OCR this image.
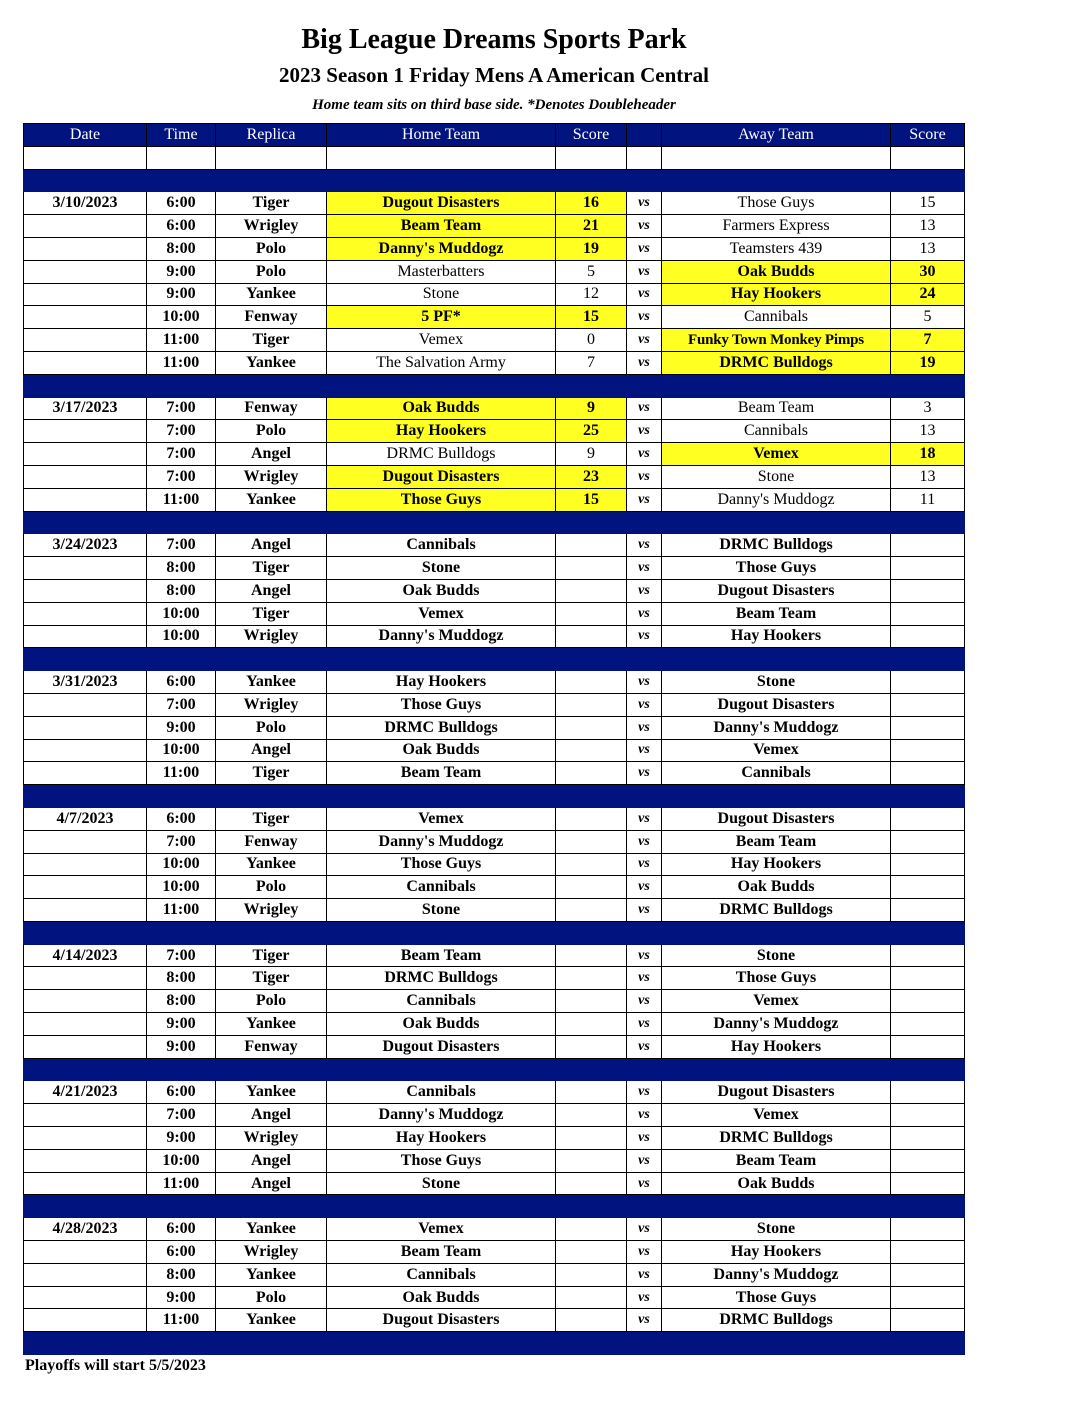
Big League Dreams Sports Park
2023 Season 1 Friday Mens A American Central
Home team sits on third base side. *Denotes Doubleheader
Date	Time	Replica	Home Team	Score		Away Team	Score

3/10/2023	6:00	Tiger	Dugout Disasters	16	vs	Those Guys	15
	6:00	Wrigley	Beam Team	21	vs	Farmers Express	13
	8:00	Polo	Danny's Muddogz	19	vs	Teamsters 439	13
	9:00	Polo	Masterbatters	5	vs	Oak Budds	30
	9:00	Yankee	Stone	12	vs	Hay Hookers	24
	10:00	Fenway	5 PF*	15	vs	Cannibals	5
	11:00	Tiger	Vemex	0	vs	Funky Town Monkey Pimps	7
	11:00	Yankee	The Salvation Army	7	vs	DRMC Bulldogs	19

3/17/2023	7:00	Fenway	Oak Budds	9	vs	Beam Team	3
	7:00	Polo	Hay Hookers	25	vs	Cannibals	13
	7:00	Angel	DRMC Bulldogs	9	vs	Vemex	18
	7:00	Wrigley	Dugout Disasters	23	vs	Stone	13
	11:00	Yankee	Those Guys	15	vs	Danny's Muddogz	11

3/24/2023	7:00	Angel	Cannibals		vs	DRMC Bulldogs	
	8:00	Tiger	Stone		vs	Those Guys	
	8:00	Angel	Oak Budds		vs	Dugout Disasters	
	10:00	Tiger	Vemex		vs	Beam Team	
	10:00	Wrigley	Danny's Muddogz		vs	Hay Hookers	

3/31/2023	6:00	Yankee	Hay Hookers		vs	Stone	
	7:00	Wrigley	Those Guys		vs	Dugout Disasters	
	9:00	Polo	DRMC Bulldogs		vs	Danny's Muddogz	
	10:00	Angel	Oak Budds		vs	Vemex	
	11:00	Tiger	Beam Team		vs	Cannibals	

4/7/2023	6:00	Tiger	Vemex		vs	Dugout Disasters	
	7:00	Fenway	Danny's Muddogz		vs	Beam Team	
	10:00	Yankee	Those Guys		vs	Hay Hookers	
	10:00	Polo	Cannibals		vs	Oak Budds	
	11:00	Wrigley	Stone		vs	DRMC Bulldogs	

4/14/2023	7:00	Tiger	Beam Team		vs	Stone	
	8:00	Tiger	DRMC Bulldogs		vs	Those Guys	
	8:00	Polo	Cannibals		vs	Vemex	
	9:00	Yankee	Oak Budds		vs	Danny's Muddogz	
	9:00	Fenway	Dugout Disasters		vs	Hay Hookers	

4/21/2023	6:00	Yankee	Cannibals		vs	Dugout Disasters	
	7:00	Angel	Danny's Muddogz		vs	Vemex	
	9:00	Wrigley	Hay Hookers		vs	DRMC Bulldogs	
	10:00	Angel	Those Guys		vs	Beam Team	
	11:00	Angel	Stone		vs	Oak Budds	

4/28/2023	6:00	Yankee	Vemex		vs	Stone	
	6:00	Wrigley	Beam Team		vs	Hay Hookers	
	8:00	Yankee	Cannibals		vs	Danny's Muddogz	
	9:00	Polo	Oak Budds		vs	Those Guys	
	11:00	Yankee	Dugout Disasters		vs	DRMC Bulldogs	

Playoffs will start 5/5/2023
